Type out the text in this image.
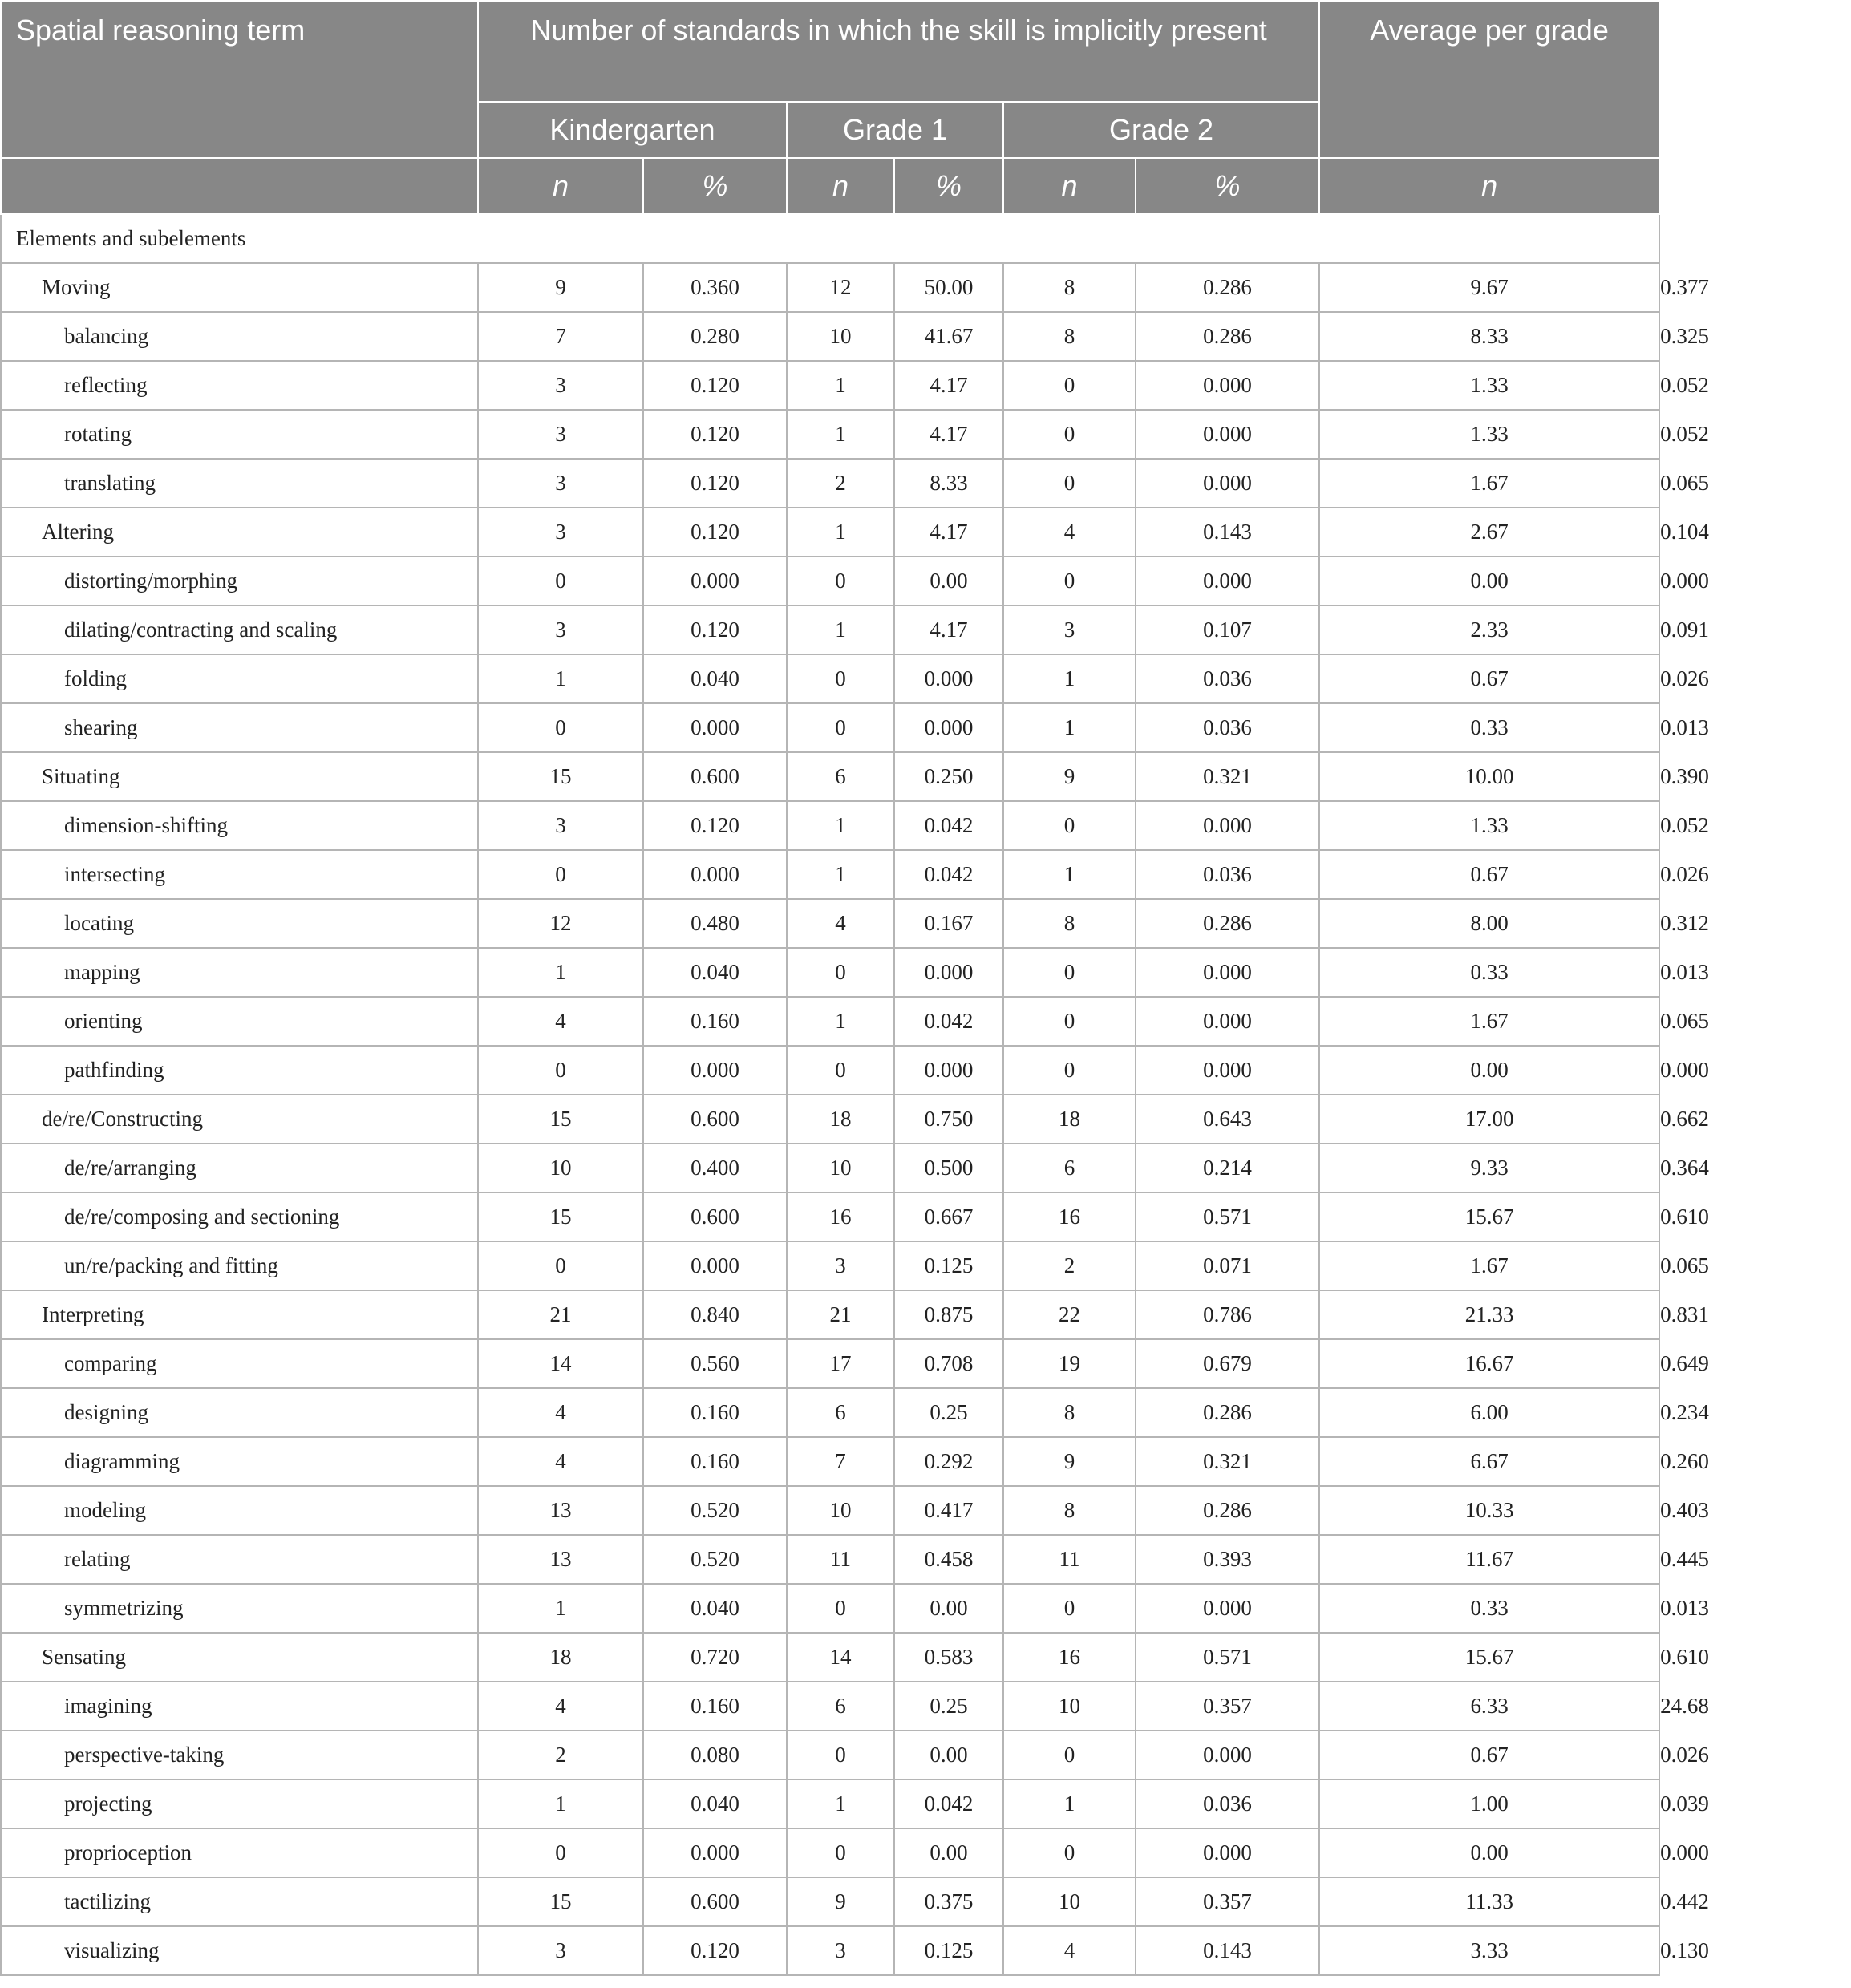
Spatial reasoning term	Number of standards in which the skill is implicitly present						Average per grade	Overall representation
	Kindergarten		Grade 1		Grade 2			
	n	%	n	%	n	%	n	%
Elements and subelements								
Moving	9	0.360	12	50.00	8	0.286	9.67	0.377
balancing	7	0.280	10	41.67	8	0.286	8.33	0.325
reflecting	3	0.120	1	4.17	0	0.000	1.33	0.052
rotating	3	0.120	1	4.17	0	0.000	1.33	0.052
translating	3	0.120	2	8.33	0	0.000	1.67	0.065
Altering	3	0.120	1	4.17	4	0.143	2.67	0.104
distorting/morphing	0	0.000	0	0.00	0	0.000	0.00	0.000
dilating/contracting and scaling	3	0.120	1	4.17	3	0.107	2.33	0.091
folding	1	0.040	0	0.000	1	0.036	0.67	0.026
shearing	0	0.000	0	0.000	1	0.036	0.33	0.013
Situating	15	0.600	6	0.250	9	0.321	10.00	0.390
dimension-shifting	3	0.120	1	0.042	0	0.000	1.33	0.052
intersecting	0	0.000	1	0.042	1	0.036	0.67	0.026
locating	12	0.480	4	0.167	8	0.286	8.00	0.312
mapping	1	0.040	0	0.000	0	0.000	0.33	0.013
orienting	4	0.160	1	0.042	0	0.000	1.67	0.065
pathfinding	0	0.000	0	0.000	0	0.000	0.00	0.000
de/re/Constructing	15	0.600	18	0.750	18	0.643	17.00	0.662
de/re/arranging	10	0.400	10	0.500	6	0.214	9.33	0.364
de/re/composing and sectioning	15	0.600	16	0.667	16	0.571	15.67	0.610
un/re/packing and fitting	0	0.000	3	0.125	2	0.071	1.67	0.065
Interpreting	21	0.840	21	0.875	22	0.786	21.33	0.831
comparing	14	0.560	17	0.708	19	0.679	16.67	0.649
designing	4	0.160	6	0.25	8	0.286	6.00	0.234
diagramming	4	0.160	7	0.292	9	0.321	6.67	0.260
modeling	13	0.520	10	0.417	8	0.286	10.33	0.403
relating	13	0.520	11	0.458	11	0.393	11.67	0.445
symmetrizing	1	0.040	0	0.00	0	0.000	0.33	0.013
Sensating	18	0.720	14	0.583	16	0.571	15.67	0.610
imagining	4	0.160	6	0.25	10	0.357	6.33	24.68
perspective-taking	2	0.080	0	0.00	0	0.000	0.67	0.026
projecting	1	0.040	1	0.042	1	0.036	1.00	0.039
proprioception	0	0.000	0	0.00	0	0.000	0.00	0.000
tactilizing	15	0.600	9	0.375	10	0.357	11.33	0.442
visualizing	3	0.120	3	0.125	4	0.143	3.33	0.130
